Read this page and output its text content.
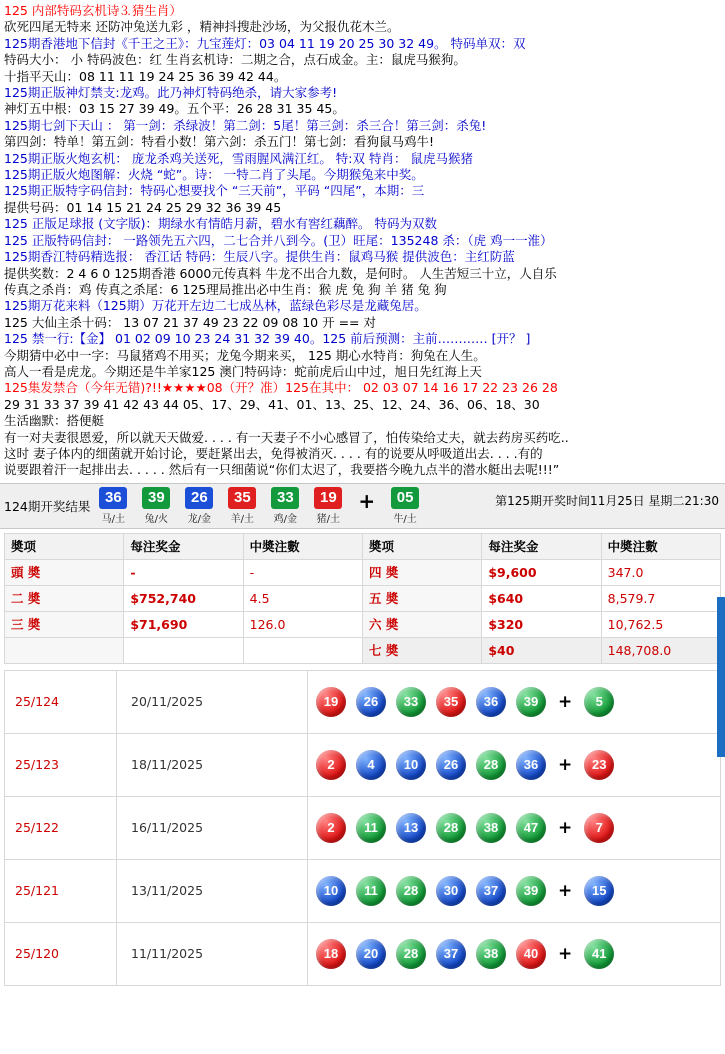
125 内部特码玄机诗⒊猜生肖）
砍死四尾无特来 还防冲兔送九彩 ，精神抖搜赴沙场，为父报仇花木兰。
125期香港地下信封《千王之王》：九宝莲灯：03 04 11 19 20 25 30 32 49。 特码单双：双
特码大小： 小 特码波色：红 生肖玄机诗：二期之合，点石成金。主：鼠虎马猴狗。
十指平天山：08 11 11 19 24 25 36 39 42 44。
125期正版神灯禁支:龙鸡。此乃神灯特码绝杀，请大家参考!
神灯五中根：03 15 27 39 49。五个平：26 28 31 35 45。
125期七剑下天山 ： 第一剑：杀绿波！第二剑：5尾！第三剑：杀三合！第三剑：杀兔!
第四剑：特单！第五剑：特看小数！第六剑：杀五门！第七剑：看狗鼠马鸡牛!
125期正版火炮玄机： 庞龙杀鸡关送死，雪雨腥风满江红。 特:双 特肖： 鼠虎马猴猪
125期正版火炮图解：火烧 “蛇”。诗： 一特二肖了头尾。今期猴兔来中奖。
125期正版特字码信封：特码心想要找个 “三天前”，平码 “四尾”，本期：三
提供号码：01 14 15 21 24 25 29 32 36 39 45
125 正版足球报 (文字版)：期绿水有情皓月薪，碧水有窖红藕醉。 特码为双数
125 正版特码信封： 一路领先五六四，二七合并八到今。(卫）旺尾：135248 杀：（虎 鸡一一淮）
125期香江特码精选报： 香江话 特码：生辰八字。提供生肖：鼠鸡马猴 提供波色：主红防蓝
提供奖数：2 4 6 0 125期香港 6000元传真料 牛龙不出合九数，是何时。 人生苦短三十立，人自乐
传真之杀肖：鸡 传真之杀尾：6 125理局推出必中生肖：猴 虎 兔 狗 羊 猪 兔 狗
125期万花来料（125期）万花开左边二七成丛林，蓝绿色彩尽是龙藏兔居。
125 大仙主杀十码： 13 07 21 37 49 23 22 09 08 10 开 == 对
125 禁一行:【金】 01 02 09 10 23 24 31 32 39 40。125 前后预测：主前………… [开？ ]
今期猜中必中一字：马鼠猪鸡不用买；龙兔今期来买， 125 期心水特肖：狗兔在人生。
高人一看是虎龙。今期还是牛羊家125 澳门特码诗：蛇前虎后山中过，旭日先红海上天
125集发禁合（今年无错)?!!★★★★08（开？准）125在其中： 02 03 07 14 16 17 22 23 26 28
29 31 33 37 39 41 42 43 44 05、17、29、41、01、13、25、12、24、36、06、18、30
生活幽默：搭便艇
有一对夫妻很恩爱，所以就天天做爱. . . . 有一天妻子不小心感冒了，怕传染给丈夫，就去药房买药吃..
这时 妻子体内的细菌就开始讨论，要赶紧出去，免得被消灭. . . . 有的说要从呼吸道出去. . . .有的
说要跟着汗一起排出去. . . . . 然后有一只细菌说“你们太迟了，我要搭今晚九点半的潜水艇出去呢!!!”
124期开奖结果 36
马/土
39
兔/火
26
龙/金
35
羊/土
33
鸡/金
19
猪/土
+	05
牛/土
第125期开奖时间11月25日 星期二21:30
奬项	每注奖金	中奬注數	奬项	每注奖金	中奬注數
頭 奬	-	-	四 奬	$9,600	347.0
二 奬	$752,740	4.5	五 奬	$640	8,579.7
三 奬	$71,690	126.0	六 奬	$320	10,762.5
			七 奬	$40	148,708.0
25/124	20/11/2025	19	26	33	35	36	39	+	5

25/123	18/11/2025	2	4	10	26	28	36	+	23

25/122	16/11/2025	2	11	13	28	38	47	+	7

25/121	13/11/2025	10	11	28	30	37	39	+	15

25/120	11/11/2025	18	20	28	37	38	40	+	41
